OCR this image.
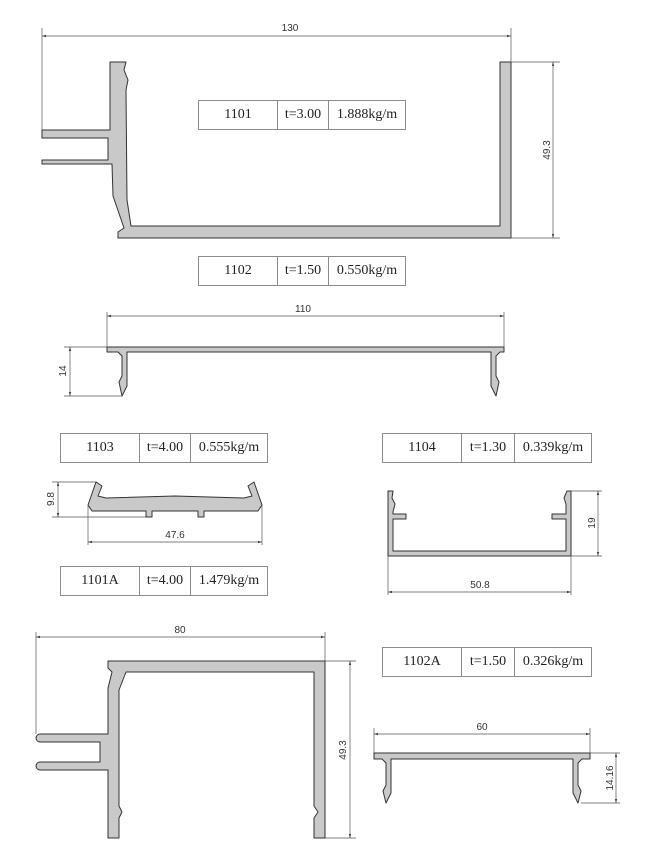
130
49.3
110
14
47.6
9.8
50.8
19
80
49.3
60
14.16
1101	t=3.00	1.888kg/m
1102	t=1.50	0.550kg/m
1103	t=4.00	0.555kg/m	1104	t=1.30	0.339kg/m
1101A	t=4.00	1.479kg/m
1102A	t=1.50	0.326kg/m
